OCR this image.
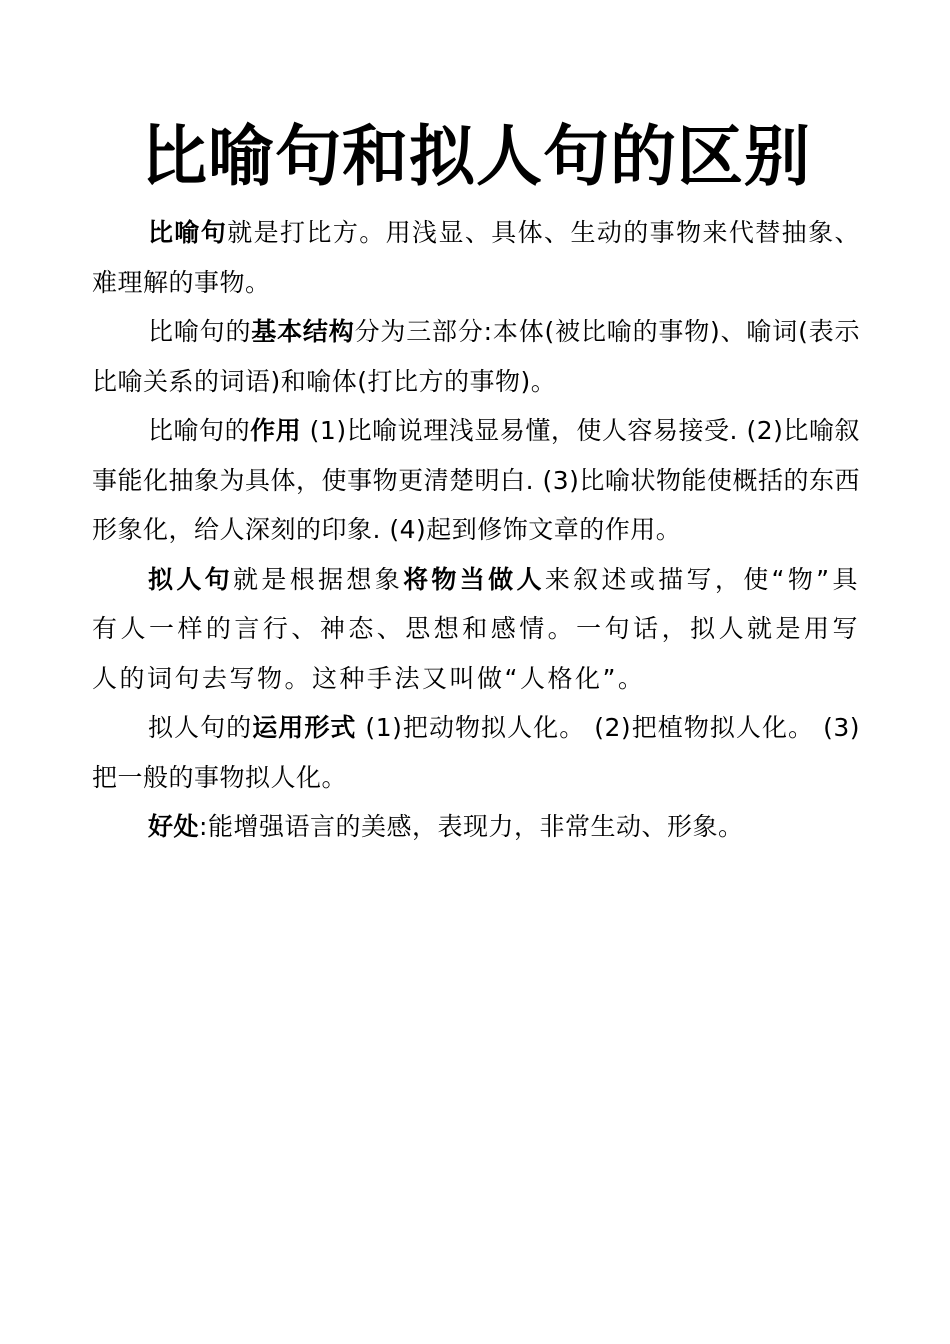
比喻句和拟人句的区别

比喻句就是打比方。用浅显、具体、生动的事物来代替抽象、难理解的事物。

比喻句的基本结构分为三部分:本体(被比喻的事物)、喻词(表示比喻关系的词语)和喻体(打比方的事物)。

比喻句的作用 (1)比喻说理浅显易懂，使人容易接受. (2)比喻叙事能化抽象为具体，使事物更清楚明白. (3)比喻状物能使概括的东西形象化，给人深刻的印象. (4)起到修饰文章的作用。

拟人句就是根据想象将物当做人来叙述或描写，使“物”具有人一样的言行、神态、思想和感情。一句话，拟人就是用写人的词句去写物。这种手法又叫做“人格化”。

拟人句的运用形式 (1)把动物拟人化。 (2)把植物拟人化。 (3)把一般的事物拟人化。

好处:能增强语言的美感，表现力，非常生动、形象。
